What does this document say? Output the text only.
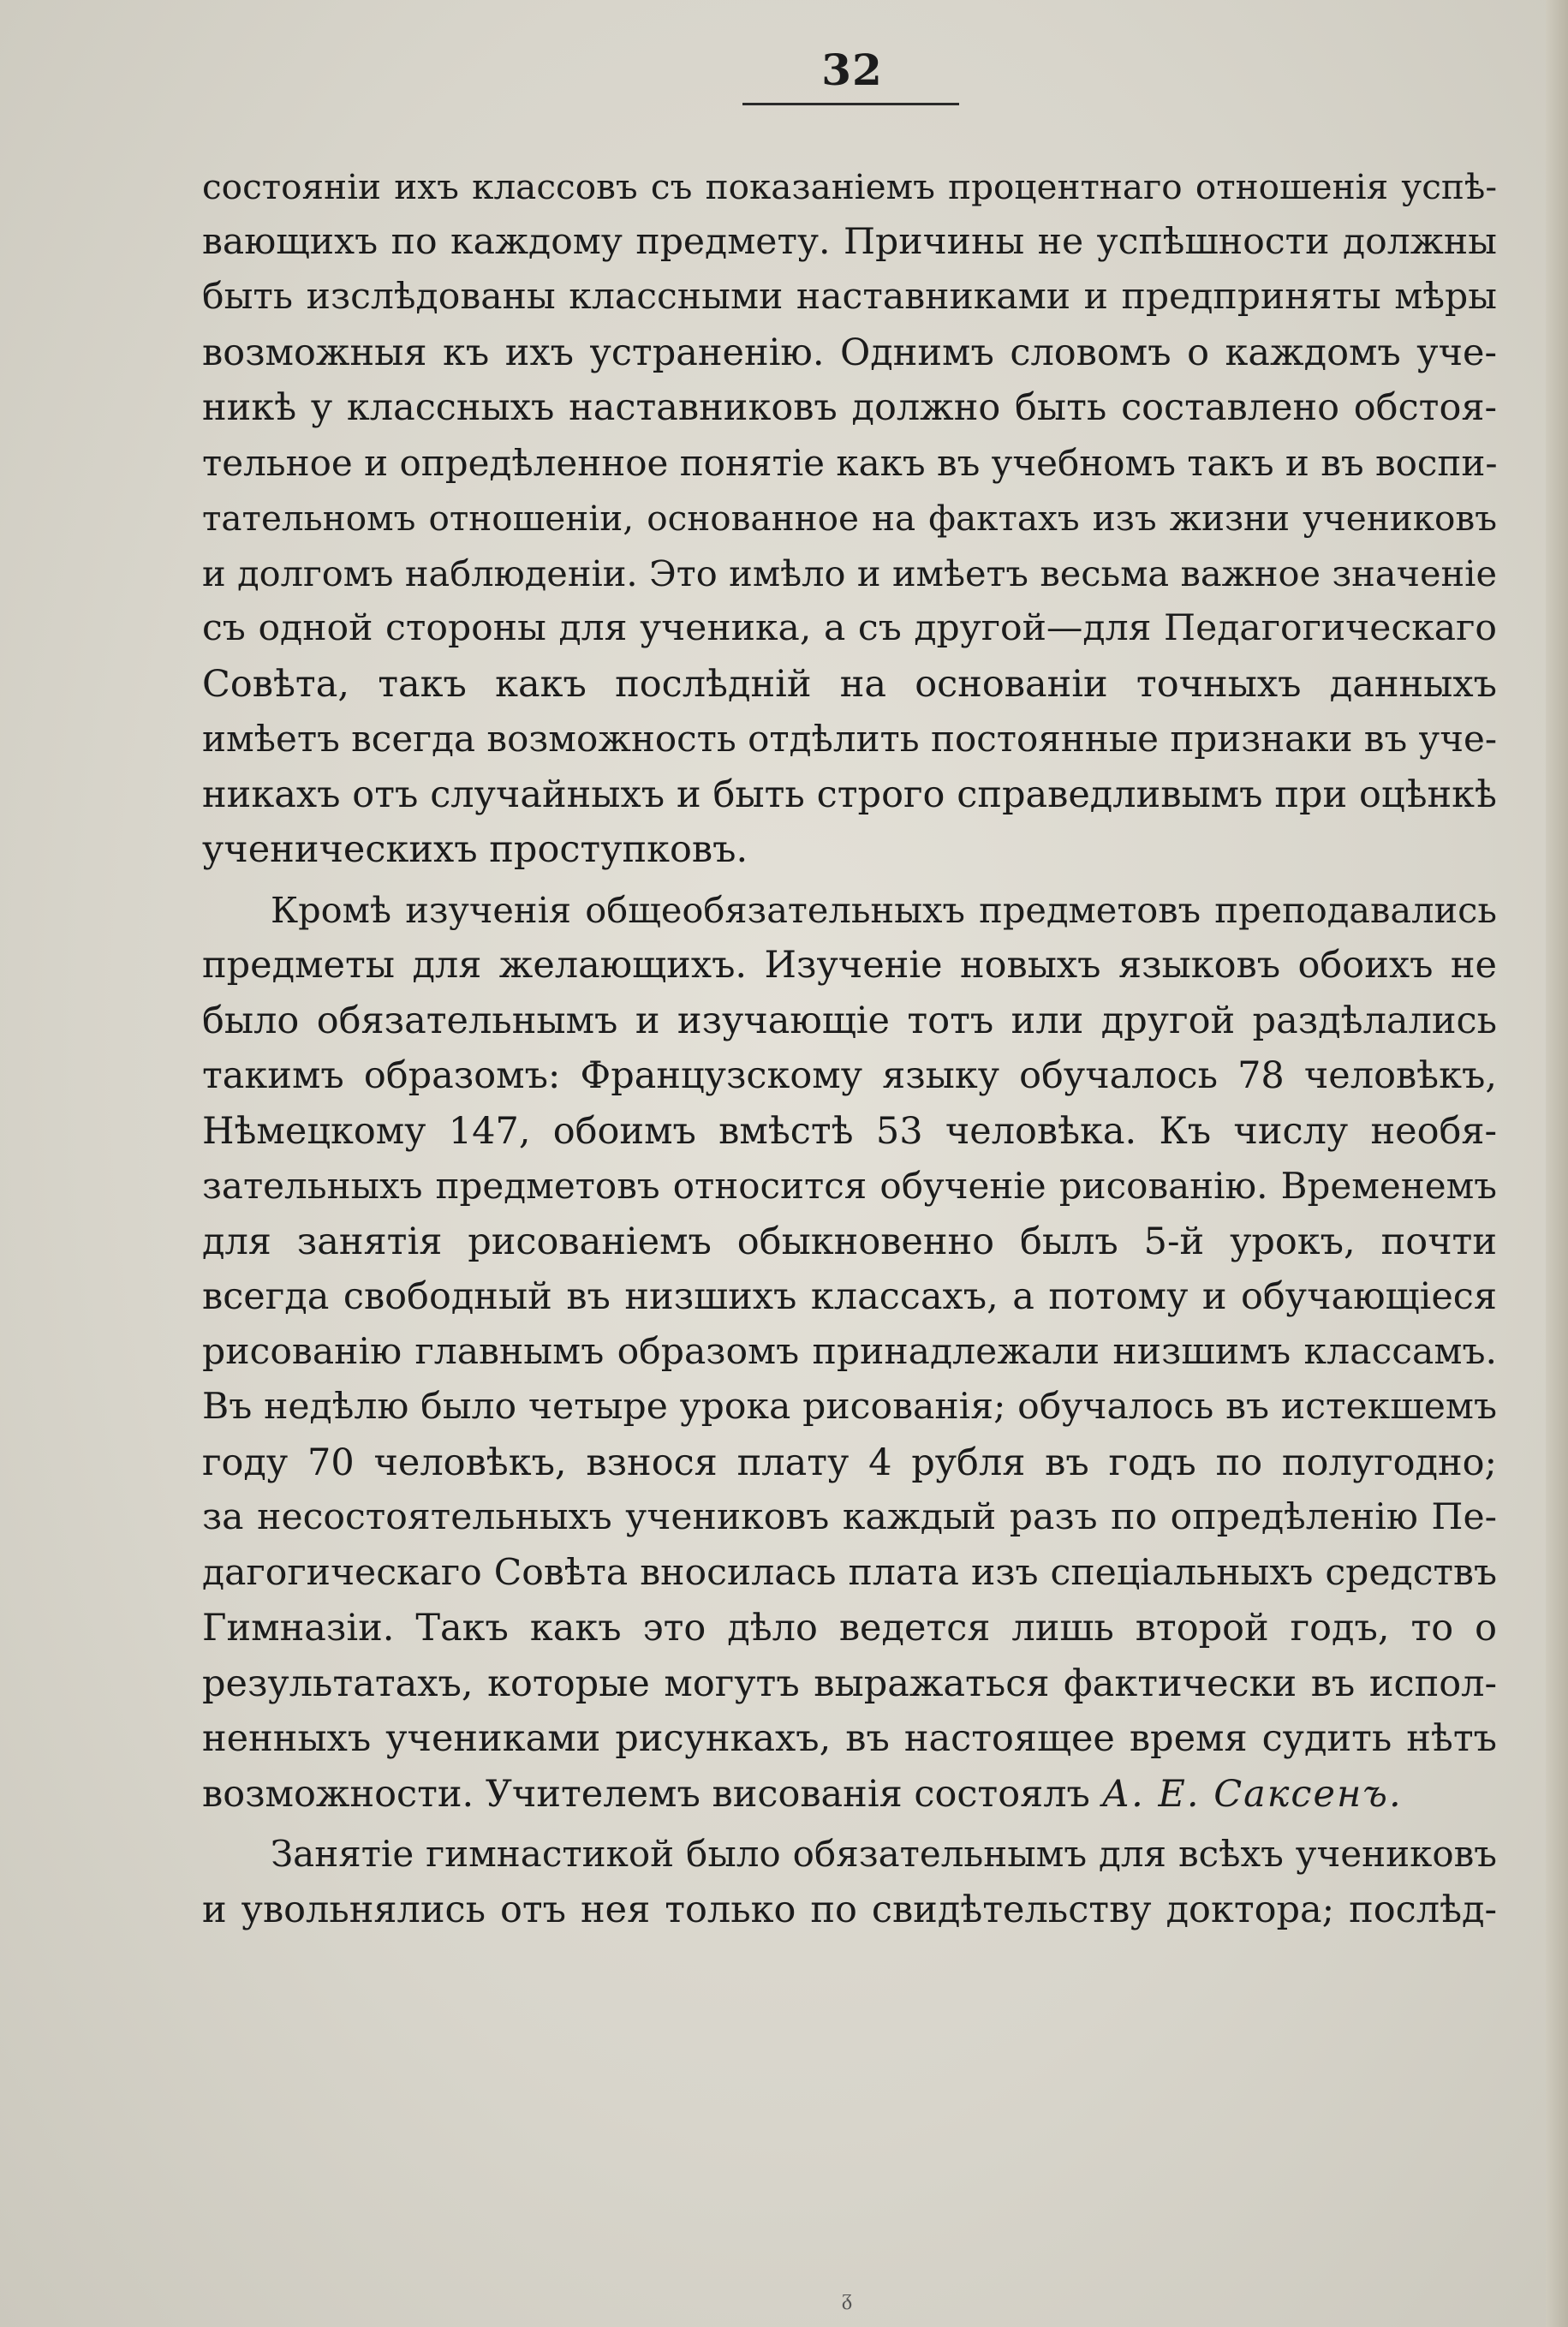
32
состояніи ихъ классовъ съ показаніемъ процентнаго отношенія успѣ-
вающихъ по каждому предмету. Причины не успѣшности должны
быть изслѣдованы классными наставниками и предприняты мѣры
возможныя къ ихъ устраненію. Однимъ словомъ о каждомъ уче-
никѣ у классныхъ наставниковъ должно быть составлено обстоя-
тельное и опредѣленное понятіе какъ въ учебномъ такъ и въ воспи-
тательномъ отношеніи, основанное на фактахъ изъ жизни учениковъ
и долгомъ наблюденіи. Это имѣло и имѣетъ весьма важное значеніе
съ одной стороны для ученика, а съ другой—для Педагогическаго
Совѣта, такъ какъ послѣдній на основаніи точныхъ данныхъ
имѣетъ всегда возможность отдѣлить постоянные признаки въ уче-
никахъ отъ случайныхъ и быть строго справедливымъ при оцѣнкѣ
ученическихъ проступковъ.
Кромѣ изученія общеобязательныхъ предметовъ преподавались
предметы для желающихъ. Изученіе новыхъ языковъ обоихъ не
было обязательнымъ и изучающіе тотъ или другой раздѣлались
такимъ образомъ: Французскому языку обучалось 78 человѣкъ,
Нѣмецкому 147, обоимъ вмѣстѣ 53 человѣка. Къ числу необя-
зательныхъ предметовъ относится обученіе рисованію. Временемъ
для занятія рисованіемъ обыкновенно былъ 5-й урокъ, почти
всегда свободный въ низшихъ классахъ, а потому и обучающіеся
рисованію главнымъ образомъ принадлежали низшимъ классамъ.
Въ недѣлю было четыре урока рисованія; обучалось въ истекшемъ
году 70 человѣкъ, взнося плату 4 рубля въ годъ по полугодно;
за несостоятельныхъ учениковъ каждый разъ по опредѣленію Пе-
дагогическаго Совѣта вносилась плата изъ спеціальныхъ средствъ
Гимназіи. Такъ какъ это дѣло ведется лишь второй годъ, то о
результатахъ, которые могутъ выражаться фактически въ испол-
ненныхъ учениками рисункахъ, въ настоящее время судить нѣтъ
возможности. Учителемъ висованія состоялъ А. Е. Саксенъ.
Занятіе гимнастикой было обязательнымъ для всѣхъ учениковъ
и увольнялись отъ нея только по свидѣтельству доктора; послѣд-
ᵹ
